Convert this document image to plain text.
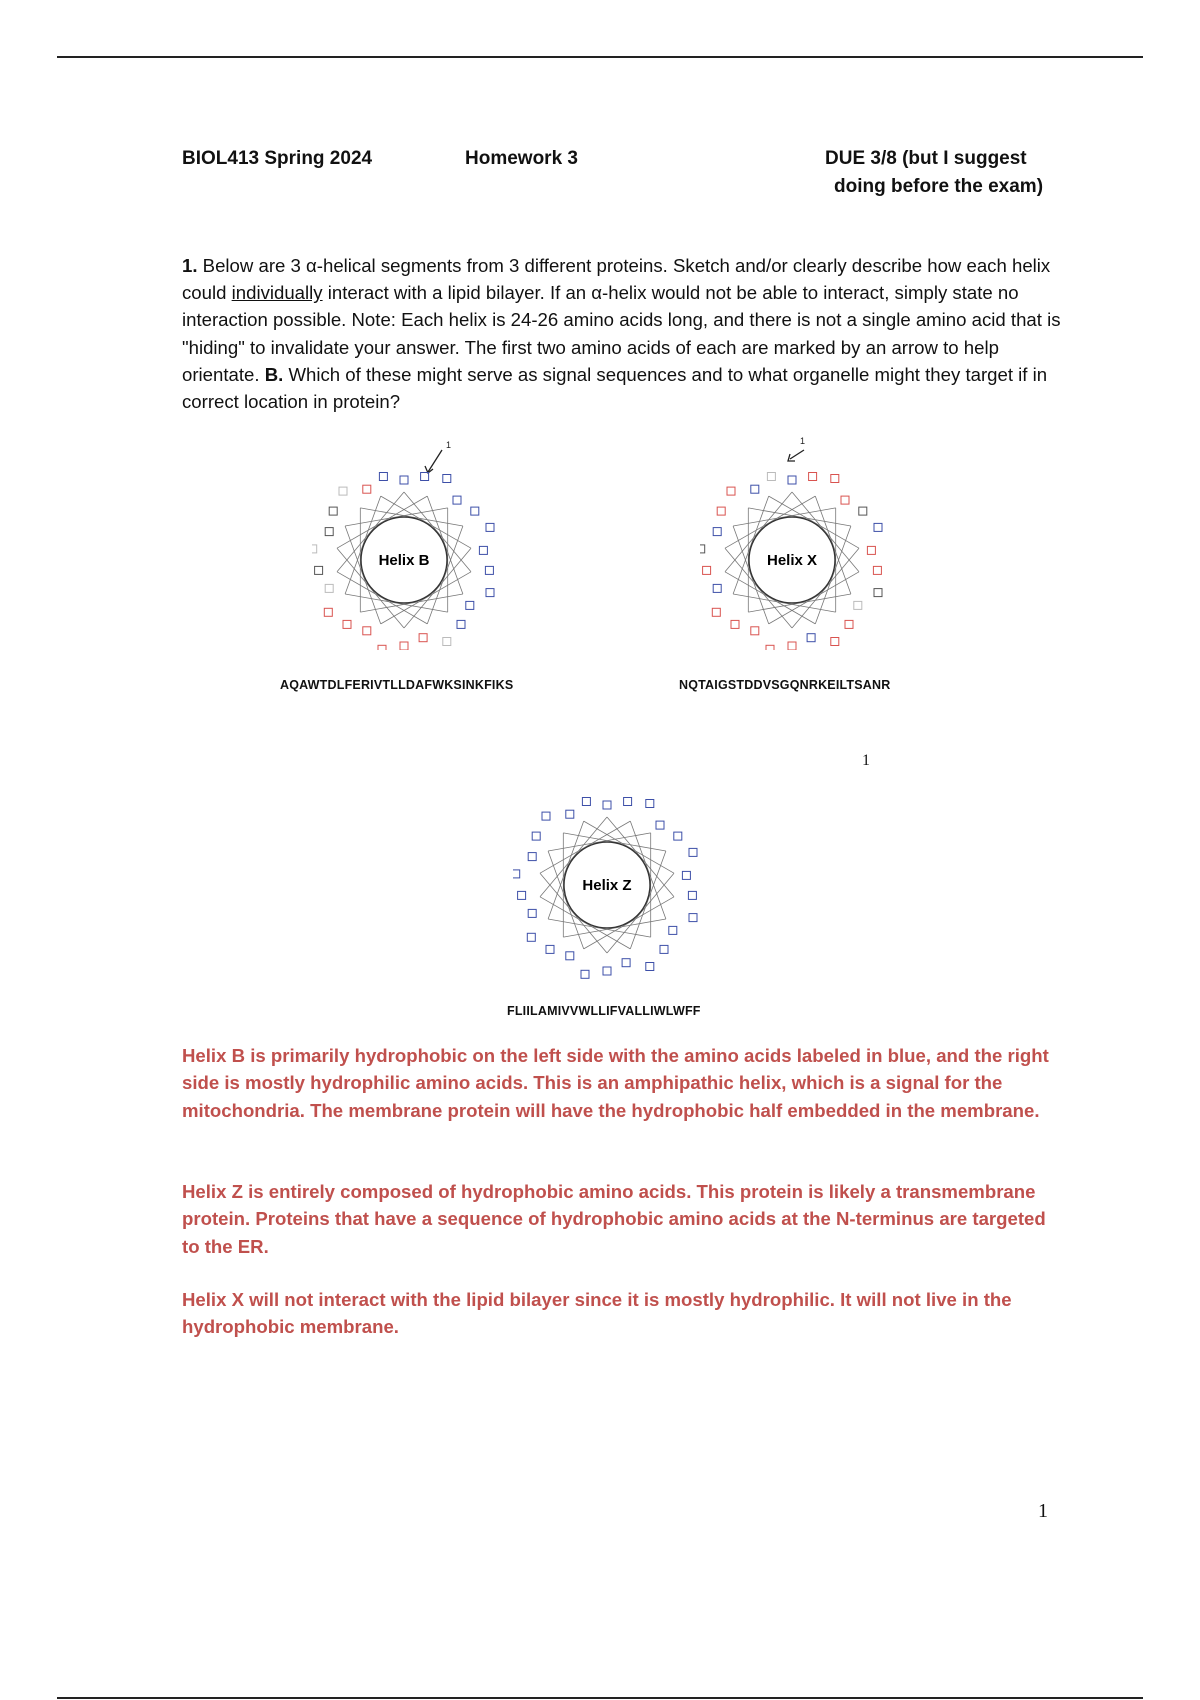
BIOL413 Spring 2024	Homework 3	DUE 3/8 (but I suggest
doing before the exam)
1. Below are 3 α-helical segments from 3 different proteins. Sketch and/or clearly describe how each helix could individually interact with a lipid bilayer. If an α-helix would not be able to interact, simply state no interaction possible. Note: Each helix is 24-26 amino acids long, and there is not a single amino acid that is "hiding" to invalidate your answer. The first two amino acids of each are marked by an arrow to help orientate. B. Which of these might serve as signal sequences and to what organelle might they target if in correct location in protein?
1
Helix B
1
Helix X
AQAWTDLFERIVTLLDAFWKSINKFIKS	NQTAIGSTDDVSGQNRKEILTSANR
1
Helix Z
FLIILAMIVVWLLIFVALLIWLWFF
Helix B is primarily hydrophobic on the left side with the amino acids labeled in blue, and the right side is mostly hydrophilic amino acids. This is an amphipathic helix, which is a signal for the mitochondria. The membrane protein will have the hydrophobic half embedded in the membrane.
Helix Z is entirely composed of hydrophobic amino acids. This protein is likely a transmembrane protein. Proteins that have a sequence of hydrophobic amino acids at the N-terminus are targeted to the ER.
Helix X will not interact with the lipid bilayer since it is mostly hydrophilic. It will not live in the hydrophobic membrane.
1
